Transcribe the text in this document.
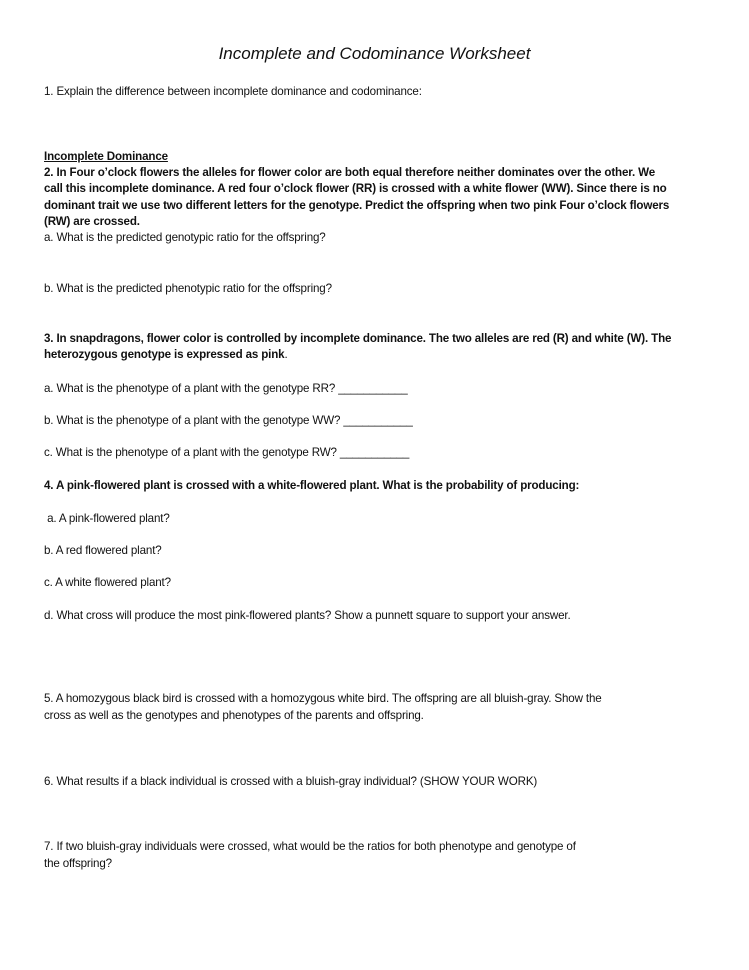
Incomplete and Codominance Worksheet
1. Explain the difference between incomplete dominance and codominance:
Incomplete Dominance
2. In Four o’clock flowers the alleles for flower color are both equal therefore neither dominates over the other. We
call this incomplete dominance. A red four o’clock flower (RR) is crossed with a white flower (WW). Since there is no
dominant trait we use two different letters for the genotype. Predict the offspring when two pink Four o’clock flowers
(RW) are crossed.
a. What is the predicted genotypic ratio for the offspring?
b. What is the predicted phenotypic ratio for the offspring?
3. In snapdragons, flower color is controlled by incomplete dominance. The two alleles are red (R) and white (W). The
heterozygous genotype is expressed as pink.
a. What is the phenotype of a plant with the genotype RR? ___________
b. What is the phenotype of a plant with the genotype WW? ___________
c. What is the phenotype of a plant with the genotype RW? ___________
4. A pink-flowered plant is crossed with a white-flowered plant. What is the probability of producing:
a. A pink-flowered plant?
b. A red flowered plant?
c. A white flowered plant?
d. What cross will produce the most pink-flowered plants? Show a punnett square to support your answer.
5. A homozygous black bird is crossed with a homozygous white bird. The offspring are all bluish-gray. Show the
cross as well as the genotypes and phenotypes of the parents and offspring.
6. What results if a black individual is crossed with a bluish-gray individual? (SHOW YOUR WORK)
7. If two bluish-gray individuals were crossed, what would be the ratios for both phenotype and genotype of
the offspring?
